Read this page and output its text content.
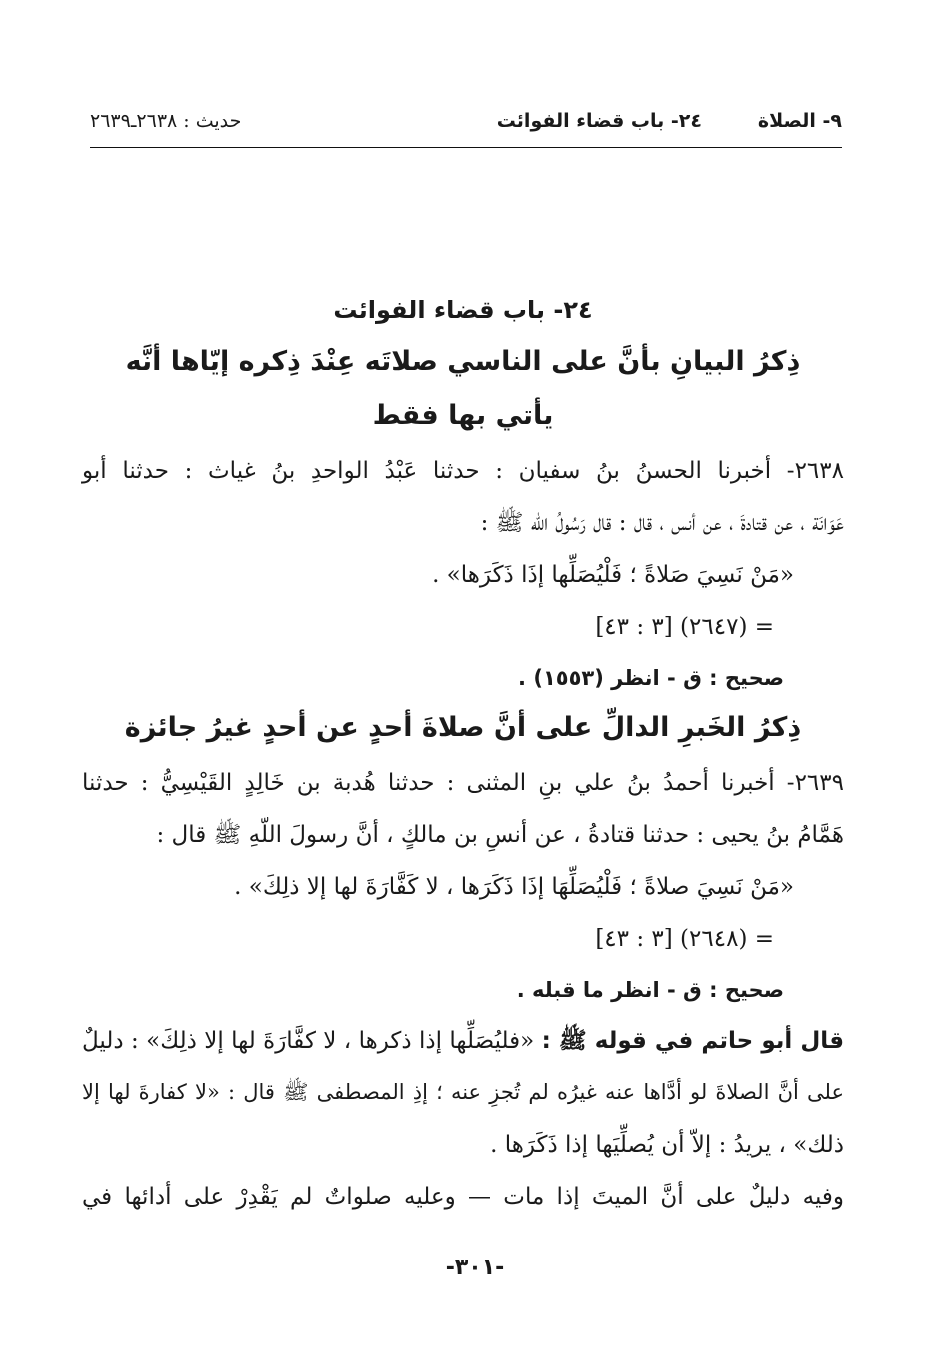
٩- الصلاة
٢٤- باب قضاء الفوائت
حديث : ٢٦٣٨ـ٢٦٣٩
٢٤- باب قضاء الفوائت
ذِكرُ البيانِ بأنَّ على الناسي صلاتَه عِنْدَ ذِكره إيّاها أنَّه
يأتي بها فقط
٢٦٣٨- أخبرنا الحسنُ بنُ سفيان : حدثنا عَبْدُ الواحدِ بنُ غياث : حدثنا أبو
عَوَانَة ، عن قتادةَ ، عن أنس ، قال : قال رَسُولُ اللّه ﷺ :
«مَنْ نَسِيَ صَلاةً ؛ فَلْيُصَلِّها إذَا ذَكَرَها» .
= (٢٦٤٧) [٣ : ٤٣]
صحيح : ق - انظر (١٥٥٣) .
ذِكرُ الخَبرِ الدالِّ على أنَّ صلاةَ أحدٍ عن أحدٍ غيرُ جائزة
٢٦٣٩- أخبرنا أحمدُ بنُ علي بنِ المثنى : حدثنا هُدبة بن خَالِدٍ القَيْسِيُّ : حدثنا
هَمَّامُ بنُ يحيى : حدثنا قتادةُ ، عن أنسِ بن مالكٍ ، أنَّ رسولَ اللّهِ ﷺ قال :
«مَنْ نَسِيَ صلاةً ؛ فَلْيُصَلِّهَا إذَا ذَكَرَها ، لا كَفَّارَةَ لها إلا ذلِكَ» .
= (٢٦٤٨) [٣ : ٤٣]
صحيح : ق - انظر ما قبله .
قال أبو حاتم في قوله ﷺ : «فليُصَلِّها إذا ذكرها ، لا كفَّارَةَ لها إلا ذلِكَ» : دليلٌ
على أنَّ الصلاةَ لو أدَّاها عنه غيرُه لم تُجزِ عنه ؛ إذِ المصطفى ﷺ قال : «لا كفارةَ لها إلا
ذلك» ، يريدُ : إلاّ أن يُصلِّيَها إذا ذَكَرَها .
وفيه دليلٌ على أنَّ الميتَ إذا مات — وعليه صلواتٌ لم يَقْدِرْ على أدائها في
-٣٠١-
